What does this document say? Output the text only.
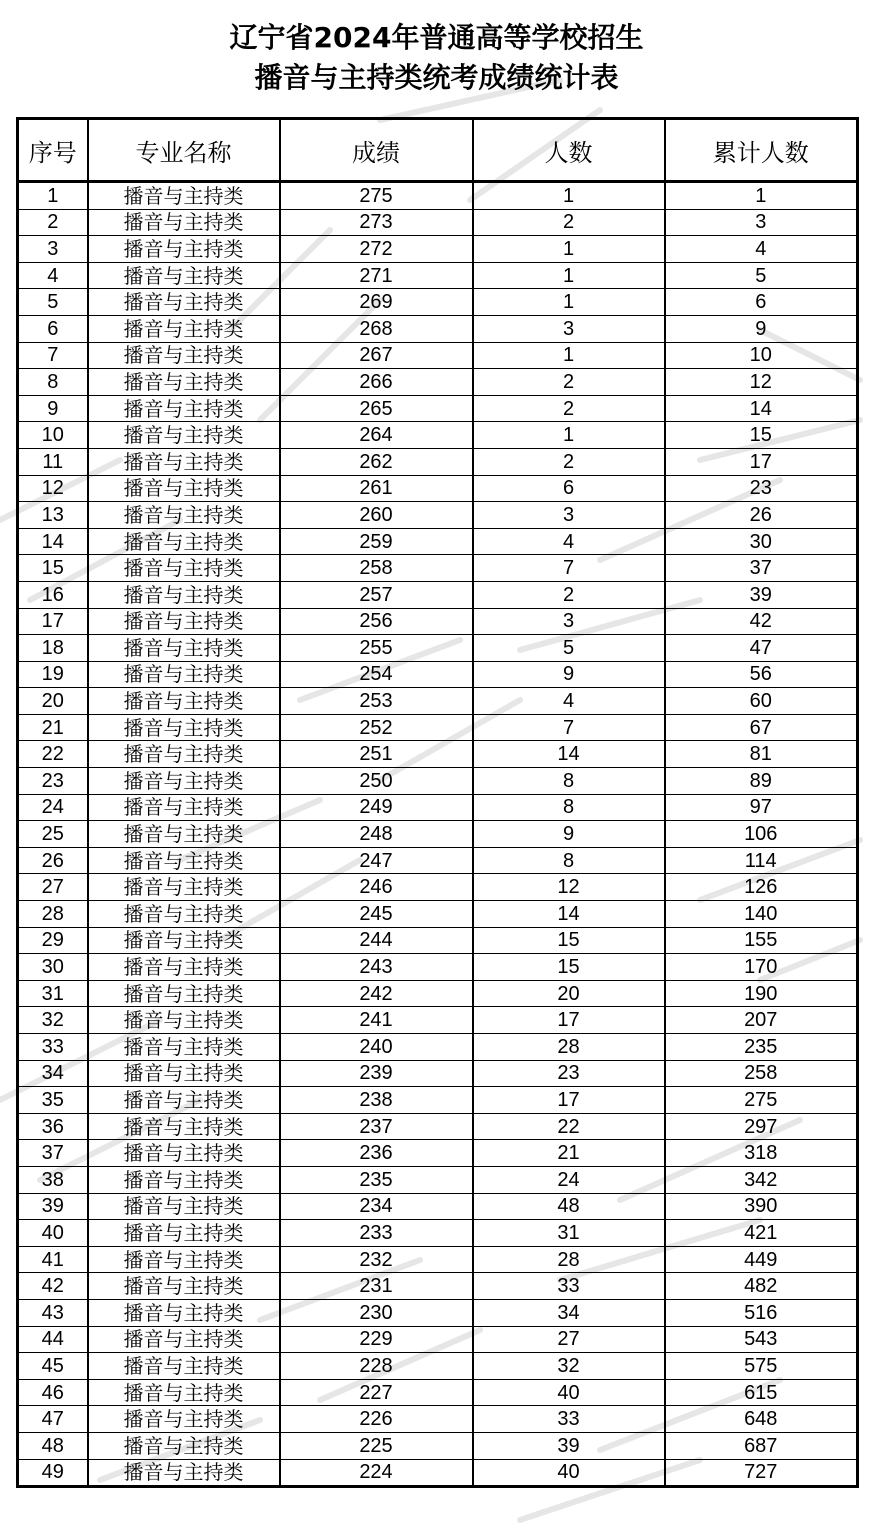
辽宁省2024年普通高等学校招生
播音与主持类统考成绩统计表
序号	专业名称	成绩	人数	累计人数
1	播音与主持类	275	1	1
2	播音与主持类	273	2	3
3	播音与主持类	272	1	4
4	播音与主持类	271	1	5
5	播音与主持类	269	1	6
6	播音与主持类	268	3	9
7	播音与主持类	267	1	10
8	播音与主持类	266	2	12
9	播音与主持类	265	2	14
10	播音与主持类	264	1	15
11	播音与主持类	262	2	17
12	播音与主持类	261	6	23
13	播音与主持类	260	3	26
14	播音与主持类	259	4	30
15	播音与主持类	258	7	37
16	播音与主持类	257	2	39
17	播音与主持类	256	3	42
18	播音与主持类	255	5	47
19	播音与主持类	254	9	56
20	播音与主持类	253	4	60
21	播音与主持类	252	7	67
22	播音与主持类	251	14	81
23	播音与主持类	250	8	89
24	播音与主持类	249	8	97
25	播音与主持类	248	9	106
26	播音与主持类	247	8	114
27	播音与主持类	246	12	126
28	播音与主持类	245	14	140
29	播音与主持类	244	15	155
30	播音与主持类	243	15	170
31	播音与主持类	242	20	190
32	播音与主持类	241	17	207
33	播音与主持类	240	28	235
34	播音与主持类	239	23	258
35	播音与主持类	238	17	275
36	播音与主持类	237	22	297
37	播音与主持类	236	21	318
38	播音与主持类	235	24	342
39	播音与主持类	234	48	390
40	播音与主持类	233	31	421
41	播音与主持类	232	28	449
42	播音与主持类	231	33	482
43	播音与主持类	230	34	516
44	播音与主持类	229	27	543
45	播音与主持类	228	32	575
46	播音与主持类	227	40	615
47	播音与主持类	226	33	648
48	播音与主持类	225	39	687
49	播音与主持类	224	40	727
